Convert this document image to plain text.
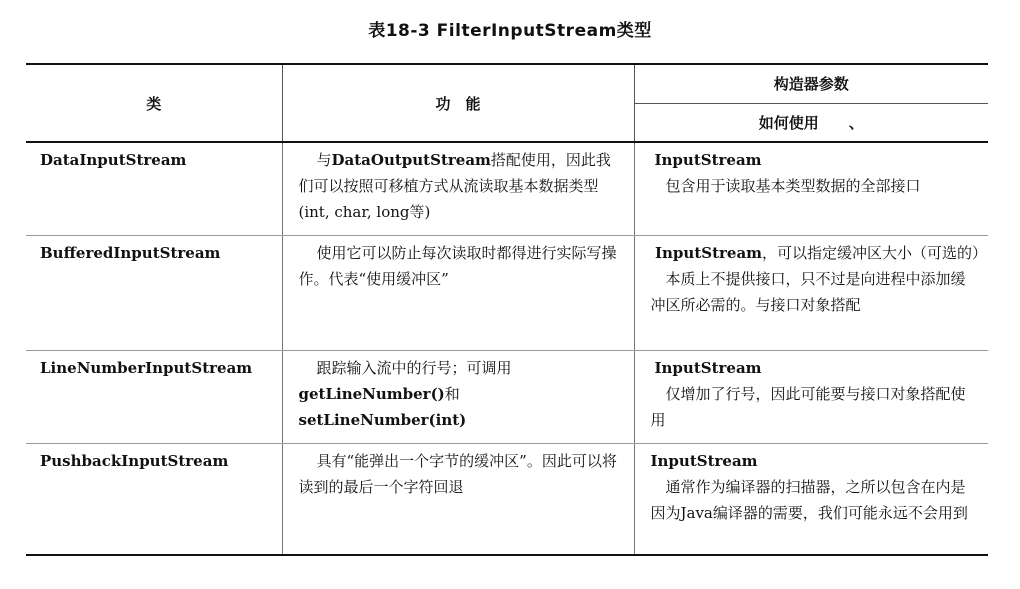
表18-3 FilterInputStream类型
类	功　能	构造器参数
		如何使用　　、
DataInputStream	与DataOutputStream搭配使用，因此我们可以按照可移植方式从流读取基本数据类型 (int, char, long等)	InputStream
包含用于读取基本类型数据的全部接口

BufferedInputStream	使用它可以防止每次读取时都得进行实际写操作。代表“使用缓冲区”	InputStream，可以指定缓冲区大小（可选的）
本质上不提供接口，只不过是向进程中添加缓冲区所必需的。与接口对象搭配

LineNumberInputStream	跟踪输入流中的行号；可调用getLineNumber()和setLineNumber(int)	InputStream
仅增加了行号，因此可能要与接口对象搭配使用

PushbackInputStream	具有“能弹出一个字节的缓冲区”。因此可以将读到的最后一个字符回退	InputStream
通常作为编译器的扫描器，之所以包含在内是因为Java编译器的需要，我们可能永远不会用到
